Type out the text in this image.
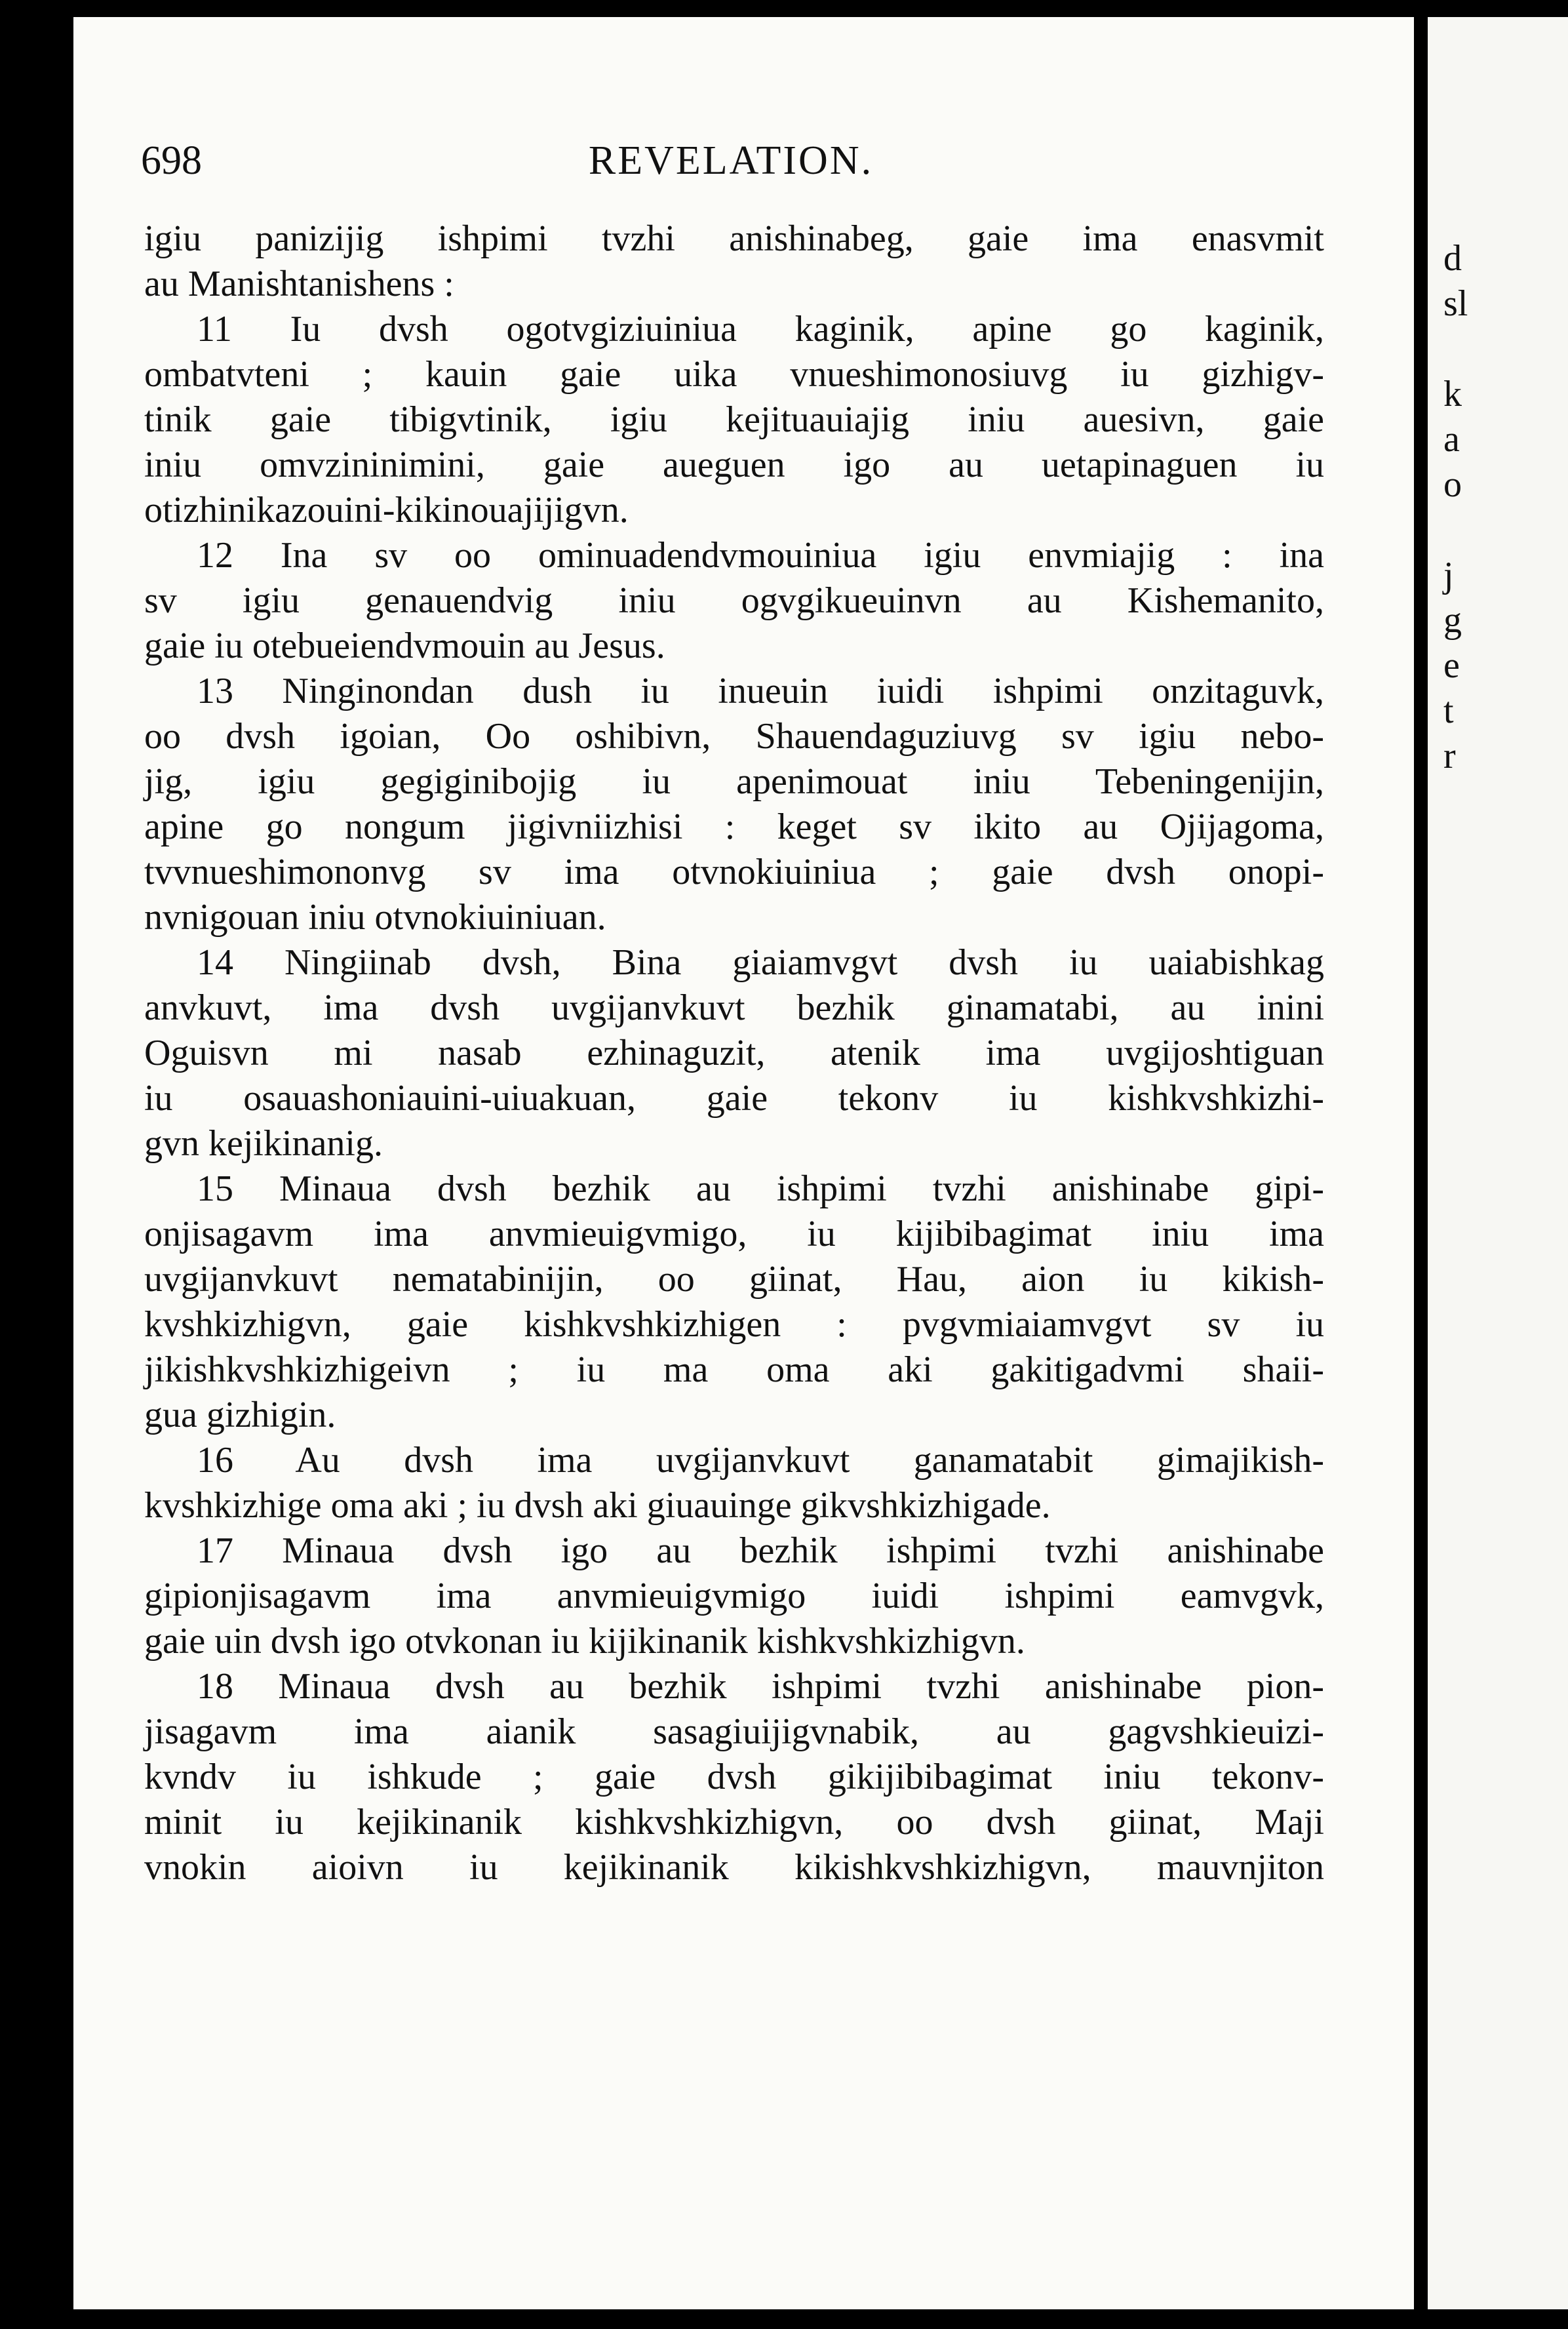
698	REVELATION.
igiu panizijig ishpimi tvzhi anishinabeg, gaie ima enasvmit
au Manishtanishens :
11 Iu dvsh ogotvgiziuiniua kaginik, apine go kaginik,
ombatvteni ; kauin gaie uika vnueshimonosiuvg iu gizhigv-
tinik gaie tibigvtinik, igiu kejituauiajig iniu auesivn, gaie
iniu omvzininimini, gaie aueguen igo au uetapinaguen iu
otizhinikazouini-kikinouajijigvn.
12 Ina sv oo ominuadendvmouiniua igiu envmiajig : ina
sv igiu genauendvig iniu ogvgikueuinvn au Kishemanito,
gaie iu otebueiendvmouin au Jesus.
13 Ninginondan dush iu inueuin iuidi ishpimi onzitaguvk,
oo dvsh igoian, Oo oshibivn, Shauendaguziuvg sv igiu nebo-
jig, igiu gegiginibojig iu apenimouat iniu Tebeningenijin,
apine go nongum jigivniizhisi : keget sv ikito au Ojijagoma,
tvvnueshimononvg sv ima otvnokiuiniua ; gaie dvsh onopi-
nvnigouan iniu otvnokiuiniuan.
14 Ningiinab dvsh, Bina giaiamvgvt dvsh iu uaiabishkag
anvkuvt, ima dvsh uvgijanvkuvt bezhik ginamatabi, au inini
Oguisvn mi nasab ezhinaguzit, atenik ima uvgijoshtiguan
iu osauashoniauini-uiuakuan, gaie tekonv iu kishkvshkizhi-
gvn kejikinanig.
15 Minaua dvsh bezhik au ishpimi tvzhi anishinabe gipi-
onjisagavm ima anvmieuigvmigo, iu kijibibagimat iniu ima
uvgijanvkuvt nematabinijin, oo giinat, Hau, aion iu kikish-
kvshkizhigvn, gaie kishkvshkizhigen : pvgvmiaiamvgvt sv iu
jikishkvshkizhigeivn ; iu ma oma aki gakitigadvmi shaii-
gua gizhigin.
16 Au dvsh ima uvgijanvkuvt ganamatabit gimajikish-
kvshkizhige oma aki ; iu dvsh aki giuauinge gikvshkizhigade.
17 Minaua dvsh igo au bezhik ishpimi tvzhi anishinabe
gipionjisagavm ima anvmieuigvmigo iuidi ishpimi eamvgvk,
gaie uin dvsh igo otvkonan iu kijikinanik kishkvshkizhigvn.
18 Minaua dvsh au bezhik ishpimi tvzhi anishinabe pion-
jisagavm ima aianik sasagiuijigvnabik, au gagvshkieuizi-
kvndv iu ishkude ; gaie dvsh gikijibibagimat iniu tekonv-
minit iu kejikinanik kishkvshkizhigvn, oo dvsh giinat, Maji
vnokin aioivn iu kejikinanik kikishkvshkizhigvn, mauvnjiton
d
sl
k
a
o
j
g
e
t
r
